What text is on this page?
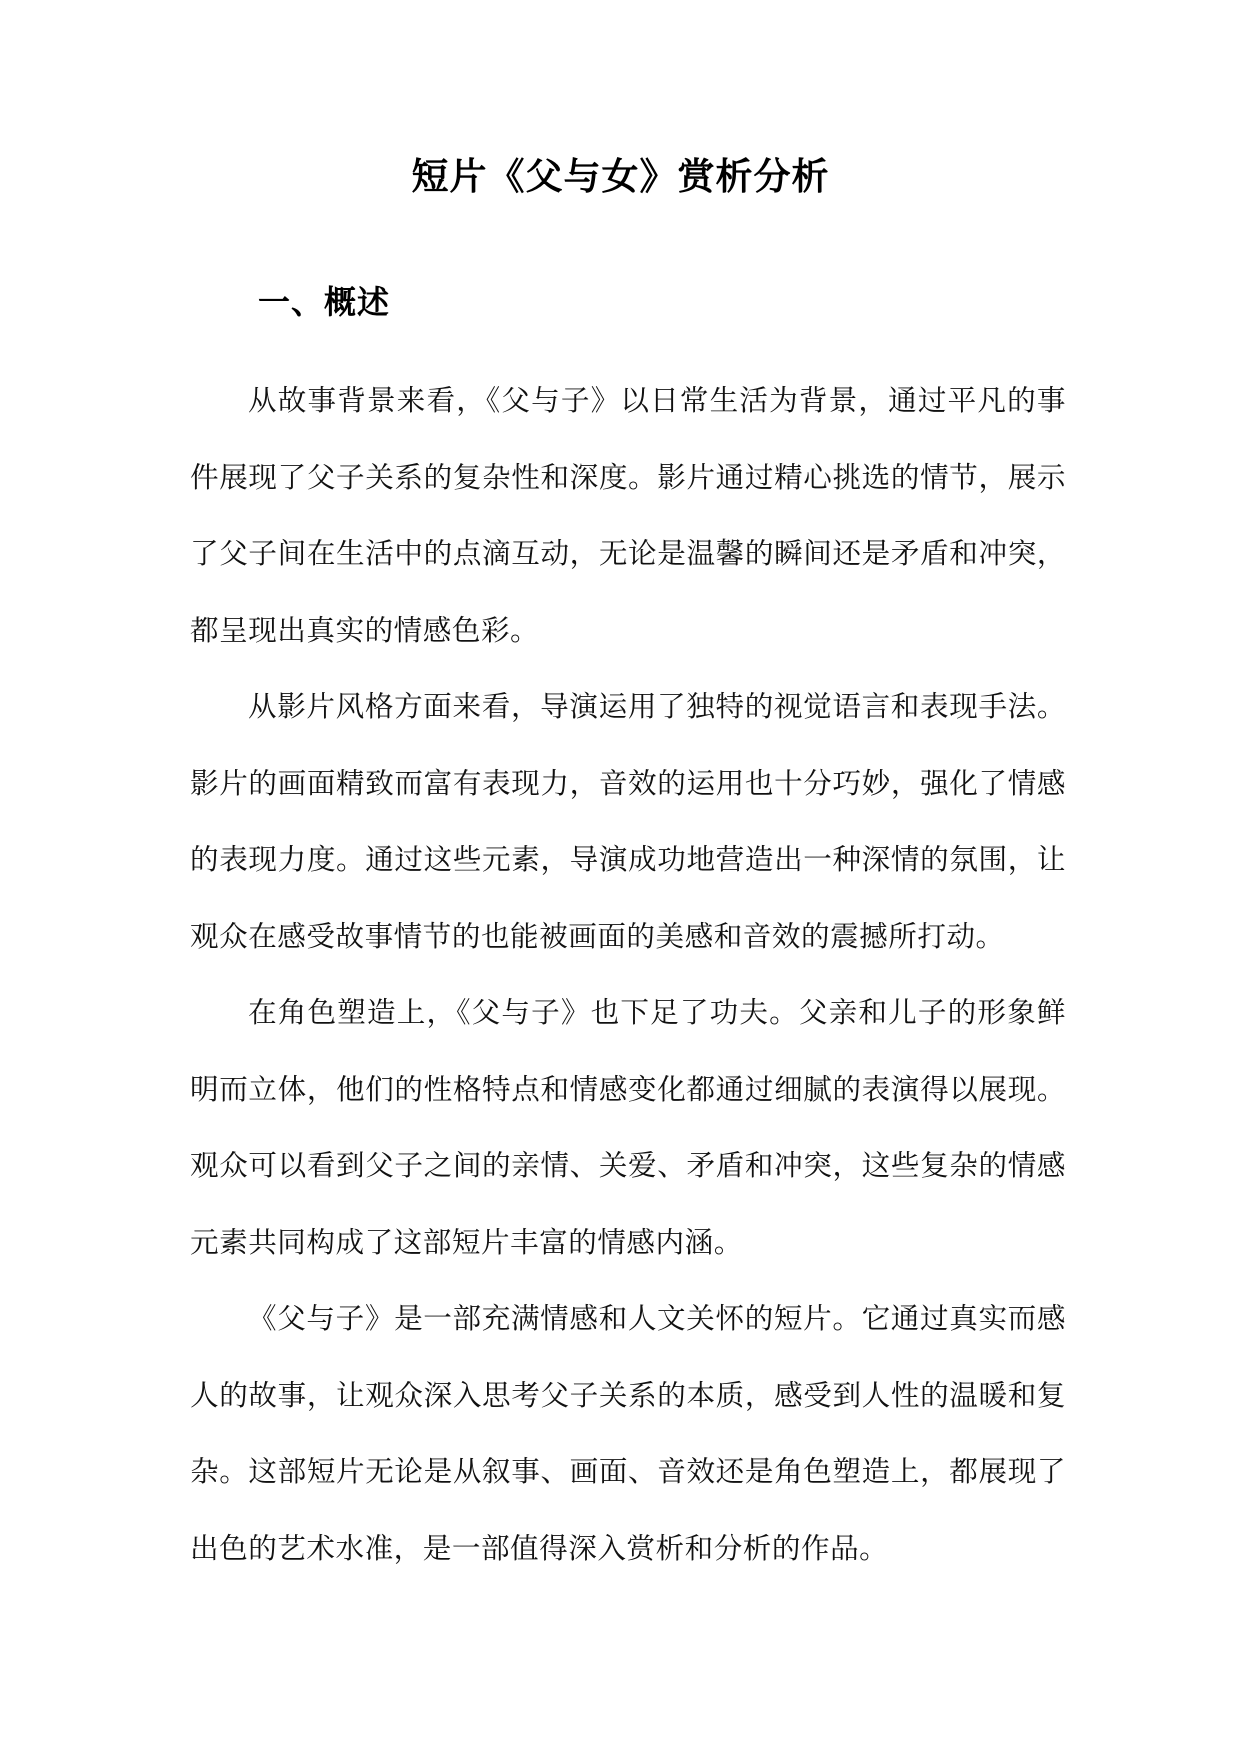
短片《父与女》赏析分析
一、概述

从故事背景来看，《父与子》以日常生活为背景，通过平凡的事件展现了父子关系的复杂性和深度。影片通过精心挑选的情节，展示了父子间在生活中的点滴互动，无论是温馨的瞬间还是矛盾和冲突，都呈现出真实的情感色彩。

从影片风格方面来看，导演运用了独特的视觉语言和表现手法。影片的画面精致而富有表现力，音效的运用也十分巧妙，强化了情感的表现力度。通过这些元素，导演成功地营造出一种深情的氛围，让观众在感受故事情节的也能被画面的美感和音效的震撼所打动。

在角色塑造上，《父与子》也下足了功夫。父亲和儿子的形象鲜明而立体，他们的性格特点和情感变化都通过细腻的表演得以展现。观众可以看到父子之间的亲情、关爱、矛盾和冲突，这些复杂的情感元素共同构成了这部短片丰富的情感内涵。

《父与子》是一部充满情感和人文关怀的短片。它通过真实而感人的故事，让观众深入思考父子关系的本质，感受到人性的温暖和复杂。这部短片无论是从叙事、画面、音效还是角色塑造上，都展现了出色的艺术水准，是一部值得深入赏析和分析的作品。
